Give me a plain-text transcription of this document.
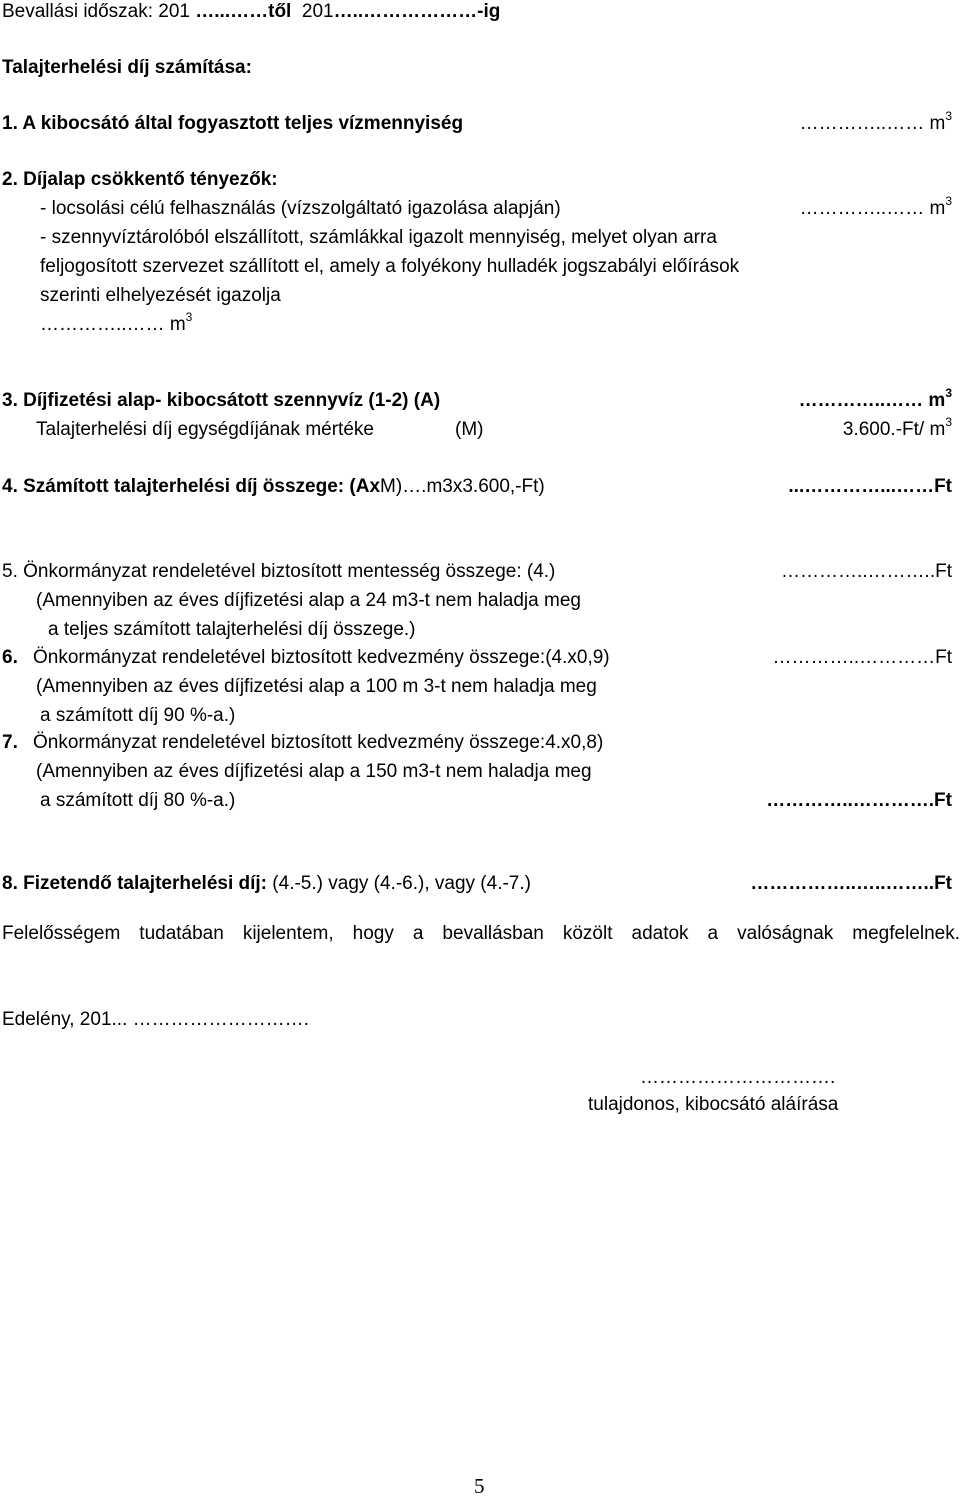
Bevallási időszak: 201 …...……től  201…..………………-ig
Talajterhelési díj számítása:
1. A kibocsátó által fogyasztott teljes vízmennyiség	…………..…… $m^3$
2. Díjalap csökkentő tényezők:
- locsolási célú felhasználás (vízszolgáltató igazolása alapján)	…………..…… $m^3$
- szennyvíztárolóból elszállított, számlákkal igazolt mennyiség, melyet olyan arra
feljogosított szervezet szállított el, amely a folyékony hulladék jogszabályi előírások
szerinti elhelyezését igazolja
…………..…… $m^3$
3. Díjfizetési alap- kibocsátott szennyvíz (1-2) (A)	…………..…… $m^3$
Talajterhelési díj egységdíjának mértéke	(M)	3.600.-Ft/ $m^3$
4. Számított talajterhelési díj összege: (AxM)….m3x3.600,-Ft)	...…………...……Ft
5. Önkormányzat rendeletével biztosított mentesség összege: (4.)	…………..………..Ft
(Amennyiben az éves díjfizetési alap a 24 m3-t nem haladja meg
a teljes számított talajterhelési díj összege.)
6. Önkormányzat rendeletével biztosított kedvezmény összege:(4.x0,9)	…………..…………Ft
(Amennyiben az éves díjfizetési alap a 100 m 3-t nem haladja meg
a számított díj 90 %-a.)
7. Önkormányzat rendeletével biztosított kedvezmény összege:4.x0,8)
(Amennyiben az éves díjfizetési alap a 150 m3-t nem haladja meg
a számított díj 80 %-a.)	…………..………….Ft
8. Fizetendő talajterhelési díj: (4.-5.) vagy (4.-6.), vagy (4.-7.)	……………..…..……..Ft
Felelősségem tudatában kijelentem, hogy a bevallásban közölt adatok a valóságnak megfelelnek.
Edelény, 201... ……………………….
………………………….
tulajdonos, kibocsátó aláírása
5
